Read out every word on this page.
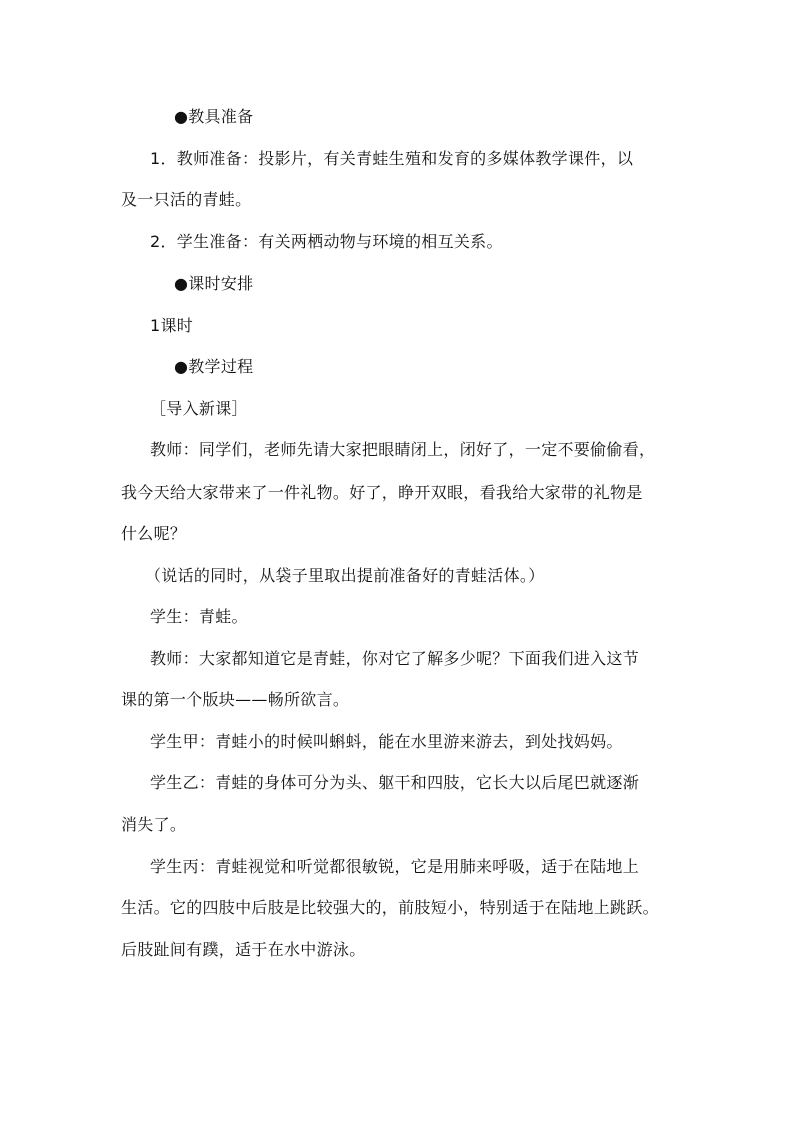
●教具准备
1．教师准备：投影片，有关青蛙生殖和发育的多媒体教学课件，以
及一只活的青蛙。
2．学生准备：有关两栖动物与环境的相互关系。
●课时安排
1课时
●教学过程
［导入新课］
教师：同学们，老师先请大家把眼睛闭上，闭好了，一定不要偷偷看，
我今天给大家带来了一件礼物。好了，睁开双眼，看我给大家带的礼物是
什么呢？
（说话的同时，从袋子里取出提前准备好的青蛙活体。）
学生：青蛙。
教师：大家都知道它是青蛙，你对它了解多少呢？下面我们进入这节
课的第一个版块——畅所欲言。
学生甲：青蛙小的时候叫蝌蚪，能在水里游来游去，到处找妈妈。
学生乙：青蛙的身体可分为头、躯干和四肢，它长大以后尾巴就逐渐
消失了。
学生丙：青蛙视觉和听觉都很敏锐，它是用肺来呼吸，适于在陆地上
生活。它的四肢中后肢是比较强大的，前肢短小，特别适于在陆地上跳跃。
后肢趾间有蹼，适于在水中游泳。
